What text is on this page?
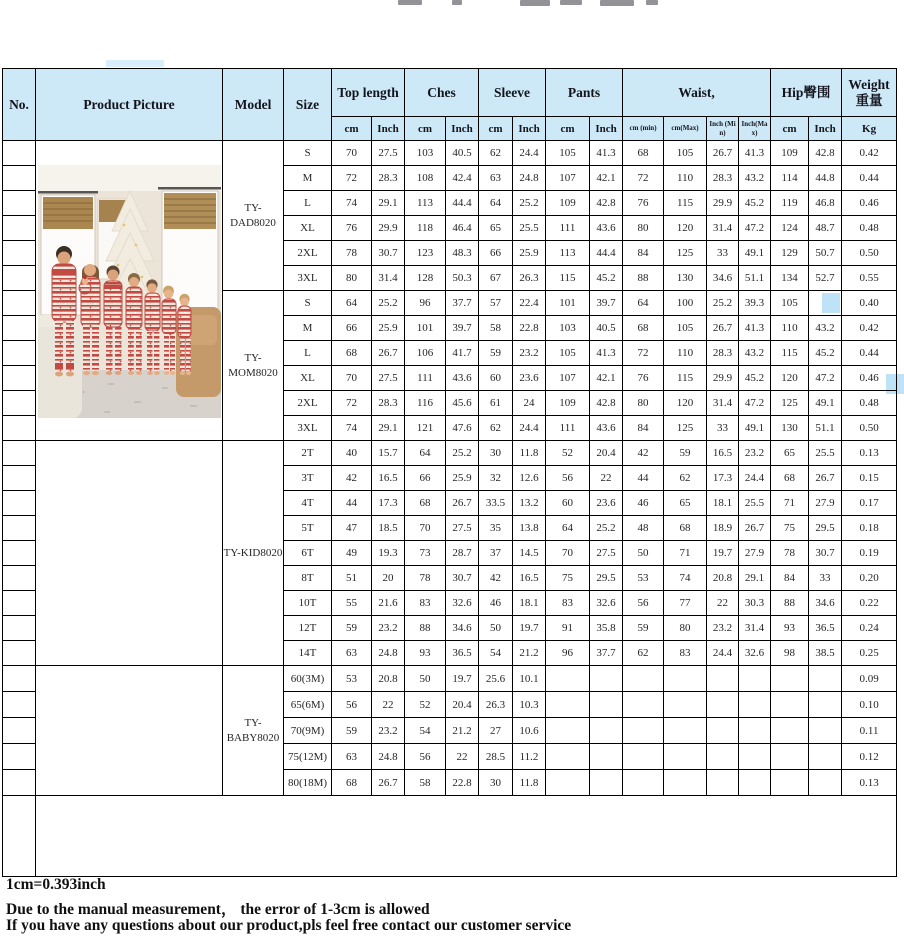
No.	Product Picture	Model	Size	Top length		Ches		Sleeve		Pants		Waist,				Hip臀围		Weight 重量
				cm	Inch	cm	Inch	cm	Inch	cm	Inch	cm (min)	cm(Max)	Inch (Min)	Inch(Max)	cm	Inch	Kg

	TY-DAD8020	S	70	27.5	103	40.5	62	24.4	105	41.3	68	105	26.7	41.3	109	42.8	0.42
			M	72	28.3	108	42.4	63	24.8	107	42.1	72	110	28.3	43.2	114	44.8	0.44
			L	74	29.1	113	44.4	64	25.2	109	42.8	76	115	29.9	45.2	119	46.8	0.46
			XL	76	29.9	118	46.4	65	25.5	111	43.6	80	120	31.4	47.2	124	48.7	0.48
			2XL	78	30.7	123	48.3	66	25.9	113	44.4	84	125	33	49.1	129	50.7	0.50
			3XL	80	31.4	128	50.3	67	26.3	115	45.2	88	130	34.6	51.1	134	52.7	0.55
		TY-MOM8020	S	64	25.2	96	37.7	57	22.4	101	39.7	64	100	25.2	39.3	105		0.40
			M	66	25.9	101	39.7	58	22.8	103	40.5	68	105	26.7	41.3	110	43.2	0.42
			L	68	26.7	106	41.7	59	23.2	105	41.3	72	110	28.3	43.2	115	45.2	0.44
			XL	70	27.5	111	43.6	60	23.6	107	42.1	76	115	29.9	45.2	120	47.2	0.46
			2XL	72	28.3	116	45.6	61	24	109	42.8	80	120	31.4	47.2	125	49.1	0.48
			3XL	74	29.1	121	47.6	62	24.4	111	43.6	84	125	33	49.1	130	51.1	0.50
		TY-KID8020	2T	40	15.7	64	25.2	30	11.8	52	20.4	42	59	16.5	23.2	65	25.5	0.13
			3T	42	16.5	66	25.9	32	12.6	56	22	44	62	17.3	24.4	68	26.7	0.15
			4T	44	17.3	68	26.7	33.5	13.2	60	23.6	46	65	18.1	25.5	71	27.9	0.17
			5T	47	18.5	70	27.5	35	13.8	64	25.2	48	68	18.9	26.7	75	29.5	0.18
			6T	49	19.3	73	28.7	37	14.5	70	27.5	50	71	19.7	27.9	78	30.7	0.19
			8T	51	20	78	30.7	42	16.5	75	29.5	53	74	20.8	29.1	84	33	0.20
			10T	55	21.6	83	32.6	46	18.1	83	32.6	56	77	22	30.3	88	34.6	0.22
			12T	59	23.2	88	34.6	50	19.7	91	35.8	59	80	23.2	31.4	93	36.5	0.24
			14T	63	24.8	93	36.5	54	21.2	96	37.7	62	83	24.4	32.6	98	38.5	0.25
		TY-BABY8020	60(3M)	53	20.8	50	19.7	25.6	10.1									0.09
			65(6M)	56	22	52	20.4	26.3	10.3									0.10
			70(9M)	59	23.2	54	21.2	27	10.6									0.11
			75(12M)	63	24.8	56	22	28.5	11.2									0.12
			80(18M)	68	26.7	58	22.8	30	11.8									0.13

1cm=0.393inch
Due to the manual measurement， the error of 1-3cm is allowed
If you have any questions about our product,pls feel free contact our customer service
